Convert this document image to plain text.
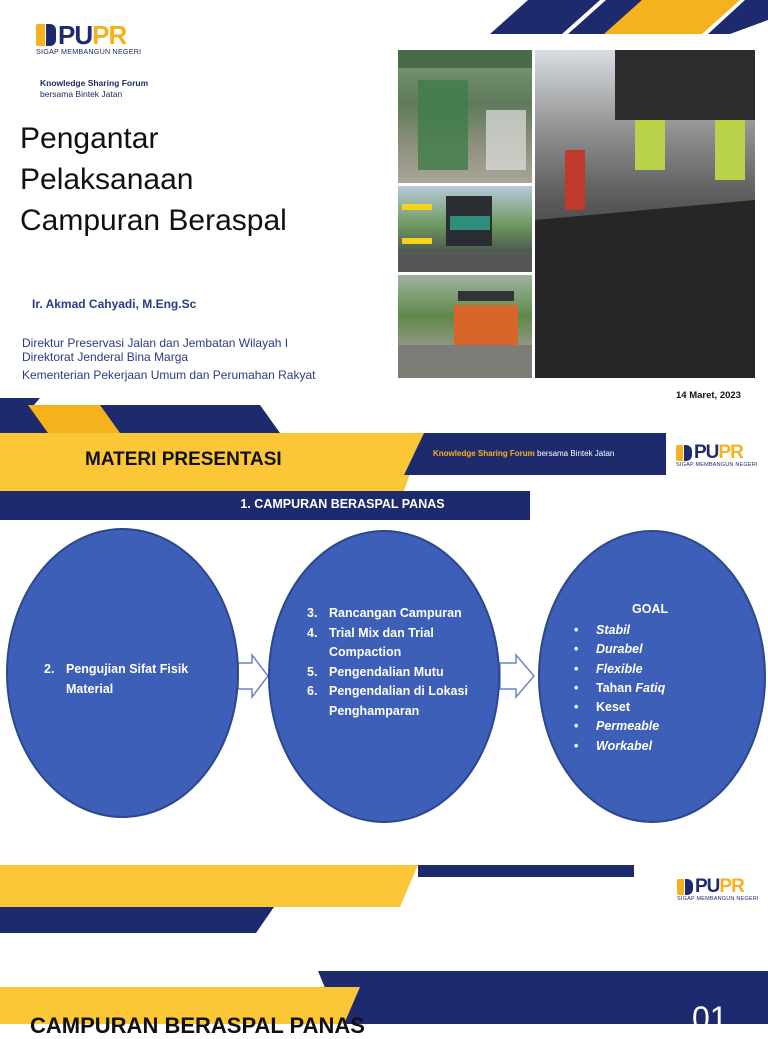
PUPR
SIGAP MEMBANGUN NEGERI
Knowledge Sharing Forum
bersama Bintek Jatan
Pengantar
Pelaksanaan
Campuran Beraspal
Ir. Akmad Cahyadi, M.Eng.Sc
Direktur Preservasi Jalan dan Jembatan Wilayah I
Direktorat Jenderal Bina Marga
Kementerian Pekerjaan Umum dan Perumahan Rakyat
14 Maret, 2023
MATERI PRESENTASI	Knowledge Sharing Forum bersama Bintek Jatan	PUPR
SIGAP MEMBANGUN NEGERI
1. CAMPURAN BERASPAL PANAS
2. Pengujian Sifat Fisik Material
3. Rancangan Campuran
4. Trial Mix dan Trial Compaction
5. Pengendalian Mutu
6. Pengendalian di Lokasi Penghamparan
GOAL
•	Stabil
•	Durabel
•	Flexible
•	Tahan Fatiq
•	Keset
•	Permeable
•	Workabel
PUPR
SIGAP MEMBANGUN NEGERI
CAMPURAN BERASPAL PANAS	01
